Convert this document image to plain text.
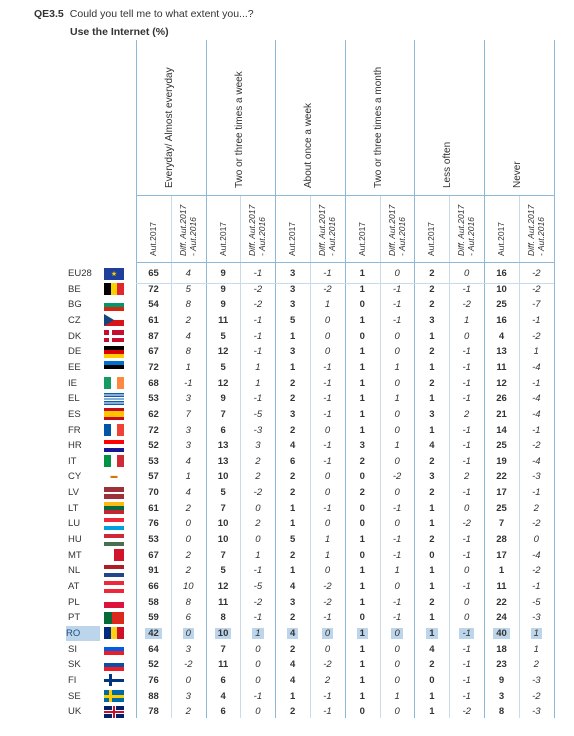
QE3.5 Could you tell me to what extent you...?
Use the Internet (%)
Everyday/ Almost everyday	Two or three times a week	About once a week	Two or three times a month	Less often	Never
Aut.2017 Diff. Aut.2017 - Aut.2016 Aut.2017 Diff. Aut.2017 - Aut.2016 Aut.2017 Diff. Aut.2017 - Aut.2016 Aut.2017 Diff. Aut.2017 - Aut.2016 Aut.2017 Diff. Aut.2017 - Aut.2016 Aut.2017 Diff. Aut.2017 - Aut.2016
EU28	★	65	4	9	-1	3	-1	1	0	2	0	16	-2
BE	72	5	9	-2	3	-2	1	-1	2	-1	10	-2
BG	54	8	9	-2	3	1	0	-1	2	-2	25	-7
CZ	61	2	11	-1	5	0	1	-1	3	1	16	-1
DK	87	4	5	-1	1	0	0	0	1	0	4	-2
DE	67	8	12	-1	3	0	1	0	2	-1	13	1
EE	72	1	5	1	1	-1	1	1	1	-1	11	-4
IE	68	-1	12	1	2	-1	1	0	2	-1	12	-1
EL	53	3	9	-1	2	-1	1	1	1	-1	26	-4
ES	62	7	7	-5	3	-1	1	0	3	2	21	-4
FR	72	3	6	-3	2	0	1	0	1	-1	14	-1
HR	52	3	13	3	4	-1	3	1	4	-1	25	-2
IT	53	4	13	2	6	-1	2	0	2	-1	19	-4
CY	▬	57	1	10	2	2	0	0	-2	3	2	22	-3
LV	70	4	5	-2	2	0	2	0	2	-1	17	-1
LT	61	2	7	0	1	-1	0	-1	1	0	25	2
LU	76	0	10	2	1	0	0	0	1	-2	7	-2
HU	53	0	10	0	5	1	1	-1	2	-1	28	0
MT	67	2	7	1	2	1	0	-1	0	-1	17	-4
NL	91	2	5	-1	1	0	1	1	1	0	1	-2
AT	66	10	12	-5	4	-2	1	0	1	-1	11	-1
PL	58	8	11	-2	3	-2	1	-1	2	0	22	-5
PT	59	6	8	-1	2	-1	0	-1	1	0	24	-3
RO	42	0	10	1	4	0	1	0	1	-1	40	1
SI	64	3	7	0	2	0	1	0	4	-1	18	1
SK	52	-2	11	0	4	-2	1	0	2	-1	23	2
FI	76	0	6	0	4	2	1	0	0	-1	9	-3
SE	88	3	4	-1	1	-1	1	1	1	-1	3	-2
UK	78	2	6	0	2	-1	0	0	1	-2	8	-3
